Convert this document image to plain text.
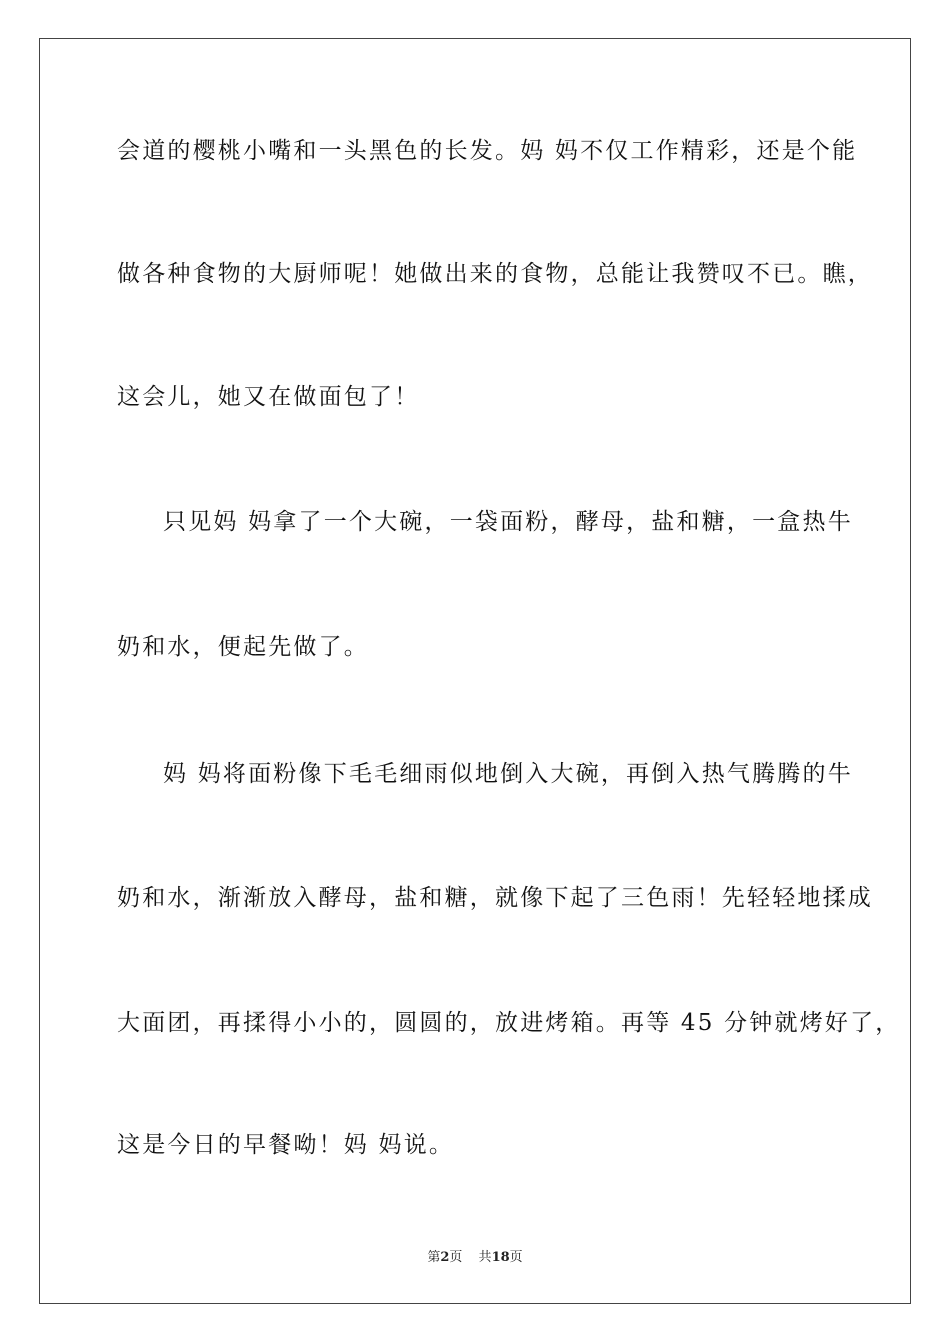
会道的樱桃小嘴和一头黑色的长发。妈 妈不仅工作精彩，还是个能
做各种食物的大厨师呢！她做出来的食物，总能让我赞叹不已。瞧，
这会儿，她又在做面包了！
只见妈 妈拿了一个大碗，一袋面粉，酵母，盐和糖，一盒热牛
奶和水，便起先做了。
妈 妈将面粉像下毛毛细雨似地倒入大碗，再倒入热气腾腾的牛
奶和水，渐渐放入酵母，盐和糖，就像下起了三色雨！先轻轻地揉成
大面团，再揉得小小的，圆圆的，放进烤箱。再等 45 分钟就烤好了，
这是今日的早餐呦！妈 妈说。
第2页 共18页
